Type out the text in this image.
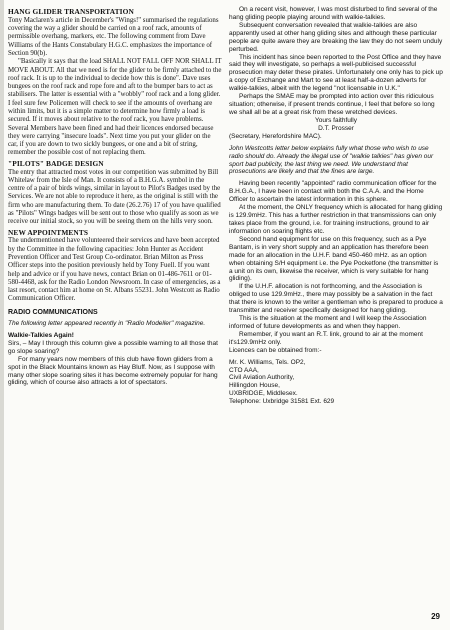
HANG GLIDER TRANSPORTATION

Tony Maclaren's article in December's "Wings!" summarised the regulations covering the way a glider should be carried on a roof rack, amounts of permissible overhang, markers, etc. The following comment from Dave Williams of the Hants Constabulary H.G.C. emphasizes the importance of Section 90(b).

"Basically it says that the load SHALL NOT FALL OFF NOR SHALL IT MOVE ABOUT. All that we need is for the glider to be firmly attached to the roof rack. It is up to the individual to decide how this is done". Dave uses bungees on the roof rack and rope fore and aft to the bumper bars to act as stabilisers. The latter is essential with a "wobbly" roof rack and a long glider. I feel sure few Policemen will check to see if the amounts of overhang are within limits, but it is a simple matter to determine how firmly a load is secured. If it moves about relative to the roof rack, you have problems. Several Members have been fined and had their licences endorsed because they were carrying "insecure loads". Next time you put your glider on the car, if you are down to two sickly bungees, or one and a bit of string, remember the possible cost of not replacing them.

"PILOTS" BADGE DESIGN

The entry that attracted most votes in our competition was submitted by Bill Whitelaw from the Isle of Man. It consists of a B.H.G.A. symbol in the centre of a pair of birds wings, similar in layout to Pilot's Badges used by the Services. We are not able to reproduce it here, as the original is still with the firm who are manufacturing them. To date (26.2.76) 17 of you have qualified as "Pilots" Wings badges will be sent out to those who qualify as soon as we receive our initial stock, so you will be seeing them on the hills very soon.

NEW APPOINTMENTS

The undermentioned have volunteered their services and have been accepted by the Committee in the following capacities: John Hunter as Accident Prevention Officer and Test Group Co-ordinator. Brian Milton as Press Officer steps into the position previously held by Tony Fuell. If you want help and advice or if you have news, contact Brian on 01-486-7611 or 01-580-4468, ask for the Radio London Newsroom. In case of emergencies, as a last resort, contact him at home on St. Albans 55231. John Westcott as Radio Communication Officer.

RADIO COMMUNICATIONS

The following letter appeared recently in "Radio Modeller" magazine.

Walkie-Talkies Again!

Sirs, – May I through this column give a possible warning to all those that go slope soaring?

For many years now members of this club have flown gliders from a spot in the Black Mountains known as Hay Bluff. Now, as I suppose with many other slope soaring sites it has become extremely popular for hang gliding, which of course also attracts a lot of spectators.

On a recent visit, however, I was most disturbed to find several of the hang gliding people playing around with walkie-talkies.

Subsequent conversation revealed that walkie-talkies are also apparently used at other hang gliding sites and although these particular people are quite aware they are breaking the law they do not seem unduly perturbed.

This incident has since been reported to the Post Office and they have said they will investigate, so perhaps a well-publicised successful prosecution may deter these pirates. Unfortunately one only has to pick up a copy of Exchange and Mart to see at least half-a-dozen adverts for walkie-talkies, albeit with the legend "not licensable in U.K."

Perhaps the SMAE may be prompted into action over this ridiculous situation; otherwise, if present trends continue, I feel that before so long we shall all be at a great risk from these wretched devices.

Yours faithfully

D.T. Prosser

(Secretary, Herefordshire MAC).

John Westcotts letter below explains fully what those who wish to use radio should do. Already the illegal use of "walkie talkies" has given our sport bad publicity, the last thing we need. We understand that prosecutions are likely and that the fines are large.

Having been recently "appointed" radio communication officer for the B.H.G.A., I have been in contact with both the C.A.A. and the Home Officer to ascertain the latest information in this sphere.

At the moment, the ONLY frequency which is allocated for hang gliding is 129.9mHz. This has a further restriction in that transmissions can only takes place from the ground, i.e. for training instructions, ground to air information on soaring flights etc.

Second hand equipment for use on this frequency, such as a Pye Bantam, is in very short supply and an application has therefore been made for an allocation in the U.H.F. band 450-460 mHz. as an option when obtaining S/H equipment i.e. the Pye Pocketfone (the transmitter is a unit on its own, likewise the receiver, which is very suitable for hang gliding).

If the U.H.F. allocation is not forthcoming, and the Association is obliged to use 129.9mHz., there may possibly be a salvation in the fact that there is known to the writer a gentleman who is prepared to produce a transmitter and receiver specifically designed for hang gliding.

This is the situation at the moment and I will keep the Association informed of future developments as and when they happen.

Remember, if you want an R.T. link, ground to air at the moment it's129.9mHz only.

Licences can be obtained from:-

Mr. K. Williams, Tels. OP2,

CTO AAA,

Civil Aviation Authority,

Hillingdon House,

UXBRIDGE, Middlesex.

Telephone: Uxbridge 31581 Ext. 629

29
